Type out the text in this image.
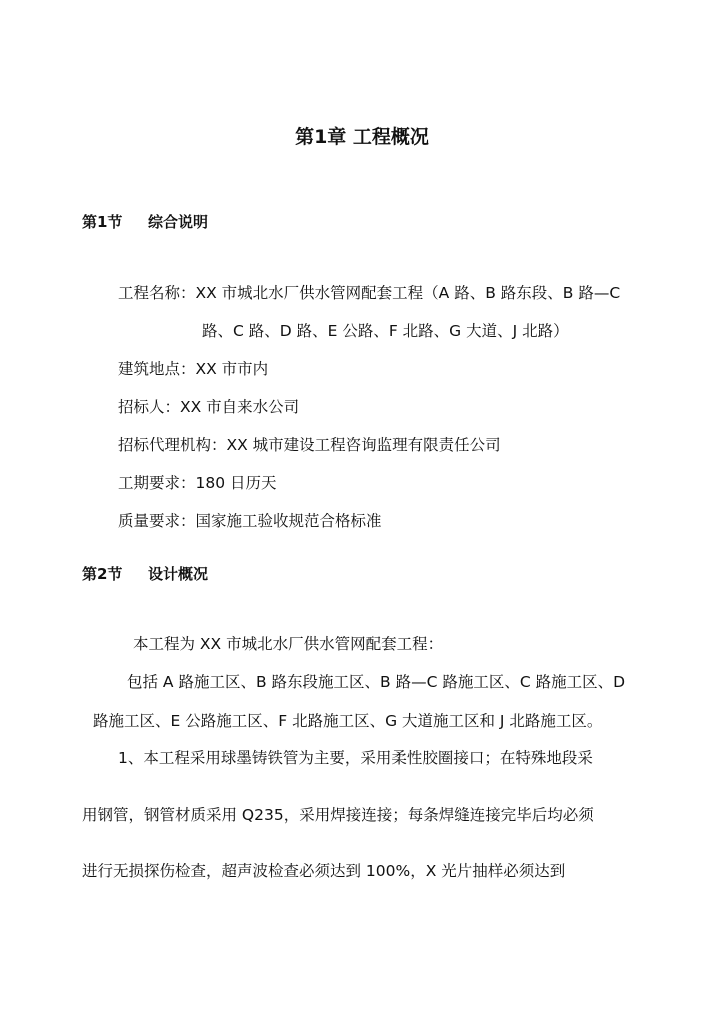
第1章 工程概况
第1节 综合说明
工程名称：XX 市城北水厂供水管网配套工程（A 路、B 路东段、B 路—C
路、C 路、D 路、E 公路、F 北路、G 大道、J 北路）
建筑地点：XX 市市内
招标人：XX 市自来水公司
招标代理机构：XX 城市建设工程咨询监理有限责任公司
工期要求：180 日历天
质量要求：国家施工验收规范合格标准
第2节 设计概况
本工程为 XX 市城北水厂供水管网配套工程：
包括 A 路施工区、B 路东段施工区、B 路—C 路施工区、C 路施工区、D
路施工区、E 公路施工区、F 北路施工区、G 大道施工区和 J 北路施工区。
1、本工程采用球墨铸铁管为主要，采用柔性胶圈接口；在特殊地段采
用钢管，钢管材质采用 Q235，采用焊接连接；每条焊缝连接完毕后均必须
进行无损探伤检查，超声波检查必须达到 100%，X 光片抽样必须达到
